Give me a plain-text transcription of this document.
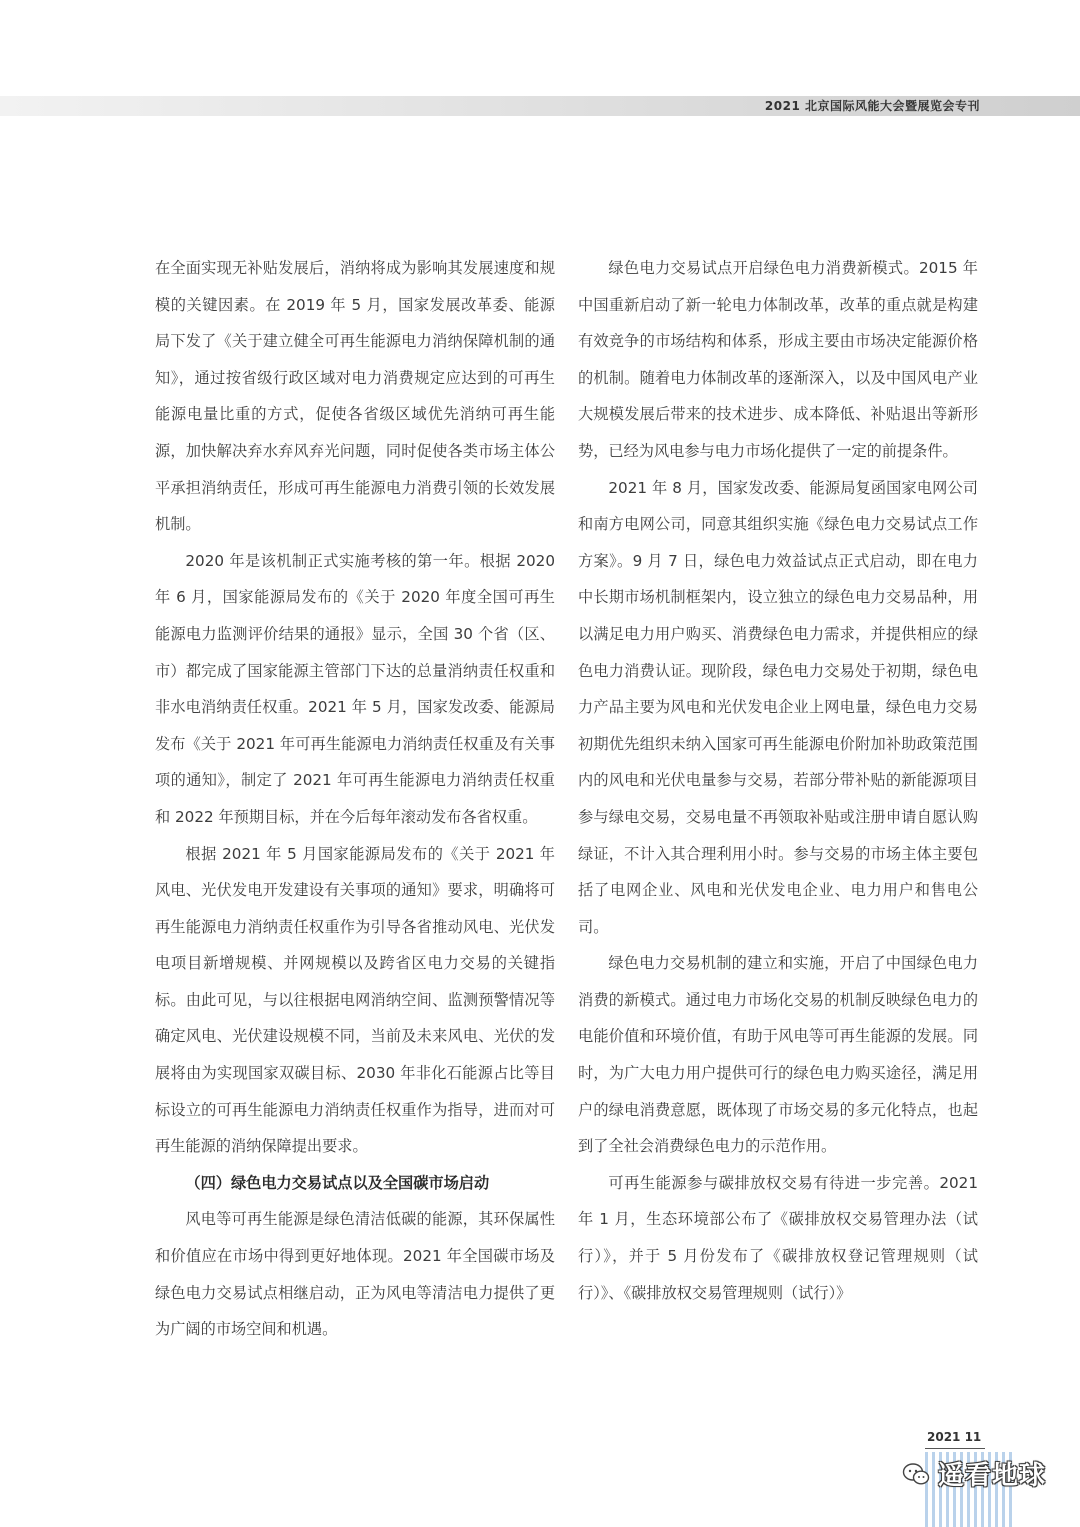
2021 北京国际风能大会暨展览会专刊

在全面实现无补贴发展后，消纳将成为影响其发展速度和规模的关键因素。在 2019 年 5 月，国家发展改革委、能源局下发了《关于建立健全可再生能源电力消纳保障机制的通知》，通过按省级行政区域对电力消费规定应达到的可再生能源电量比重的方式，促使各省级区域优先消纳可再生能源，加快解决弃水弃风弃光问题，同时促使各类市场主体公平承担消纳责任，形成可再生能源电力消费引领的长效发展机制。

2020 年是该机制正式实施考核的第一年。根据 2020 年 6 月，国家能源局发布的《关于 2020 年度全国可再生能源电力监测评价结果的通报》显示，全国 30 个省（区、市）都完成了国家能源主管部门下达的总量消纳责任权重和非水电消纳责任权重。2021 年 5 月，国家发改委、能源局发布《关于 2021 年可再生能源电力消纳责任权重及有关事项的通知》，制定了 2021 年可再生能源电力消纳责任权重和 2022 年预期目标，并在今后每年滚动发布各省权重。

根据 2021 年 5 月国家能源局发布的《关于 2021 年风电、光伏发电开发建设有关事项的通知》要求，明确将可再生能源电力消纳责任权重作为引导各省推动风电、光伏发电项目新增规模、并网规模以及跨省区电力交易的关键指标。由此可见，与以往根据电网消纳空间、监测预警情况等确定风电、光伏建设规模不同，当前及未来风电、光伏的发展将由为实现国家双碳目标、2030 年非化石能源占比等目标设立的可再生能源电力消纳责任权重作为指导，进而对可再生能源的消纳保障提出要求。

（四）绿色电力交易试点以及全国碳市场启动

风电等可再生能源是绿色清洁低碳的能源，其环保属性和价值应在市场中得到更好地体现。2021 年全国碳市场及绿色电力交易试点相继启动，正为风电等清洁电力提供了更为广阔的市场空间和机遇。

绿色电力交易试点开启绿色电力消费新模式。2015 年中国重新启动了新一轮电力体制改革，改革的重点就是构建有效竞争的市场结构和体系，形成主要由市场决定能源价格的机制。随着电力体制改革的逐渐深入，以及中国风电产业大规模发展后带来的技术进步、成本降低、补贴退出等新形势，已经为风电参与电力市场化提供了一定的前提条件。

2021 年 8 月，国家发改委、能源局复函国家电网公司和南方电网公司，同意其组织实施《绿色电力交易试点工作方案》。9 月 7 日，绿色电力效益试点正式启动，即在电力中长期市场机制框架内，设立独立的绿色电力交易品种，用以满足电力用户购买、消费绿色电力需求，并提供相应的绿色电力消费认证。现阶段，绿色电力交易处于初期，绿色电力产品主要为风电和光伏发电企业上网电量，绿色电力交易初期优先组织未纳入国家可再生能源电价附加补助政策范围内的风电和光伏电量参与交易，若部分带补贴的新能源项目参与绿电交易，交易电量不再领取补贴或注册申请自愿认购绿证，不计入其合理利用小时。参与交易的市场主体主要包括了电网企业、风电和光伏发电企业、电力用户和售电公司。

绿色电力交易机制的建立和实施，开启了中国绿色电力消费的新模式。通过电力市场化交易的机制反映绿色电力的电能价值和环境价值，有助于风电等可再生能源的发展。同时，为广大电力用户提供可行的绿色电力购买途径，满足用户的绿电消费意愿，既体现了市场交易的多元化特点，也起到了全社会消费绿色电力的示范作用。

可再生能源参与碳排放权交易有待进一步完善。2021 年 1 月，生态环境部公布了《碳排放权交易管理办法（试行）》，并于 5 月份发布了《碳排放权登记管理规则（试行）》、《碳排放权交易管理规则（试行）》

2021 11
遥看地球
